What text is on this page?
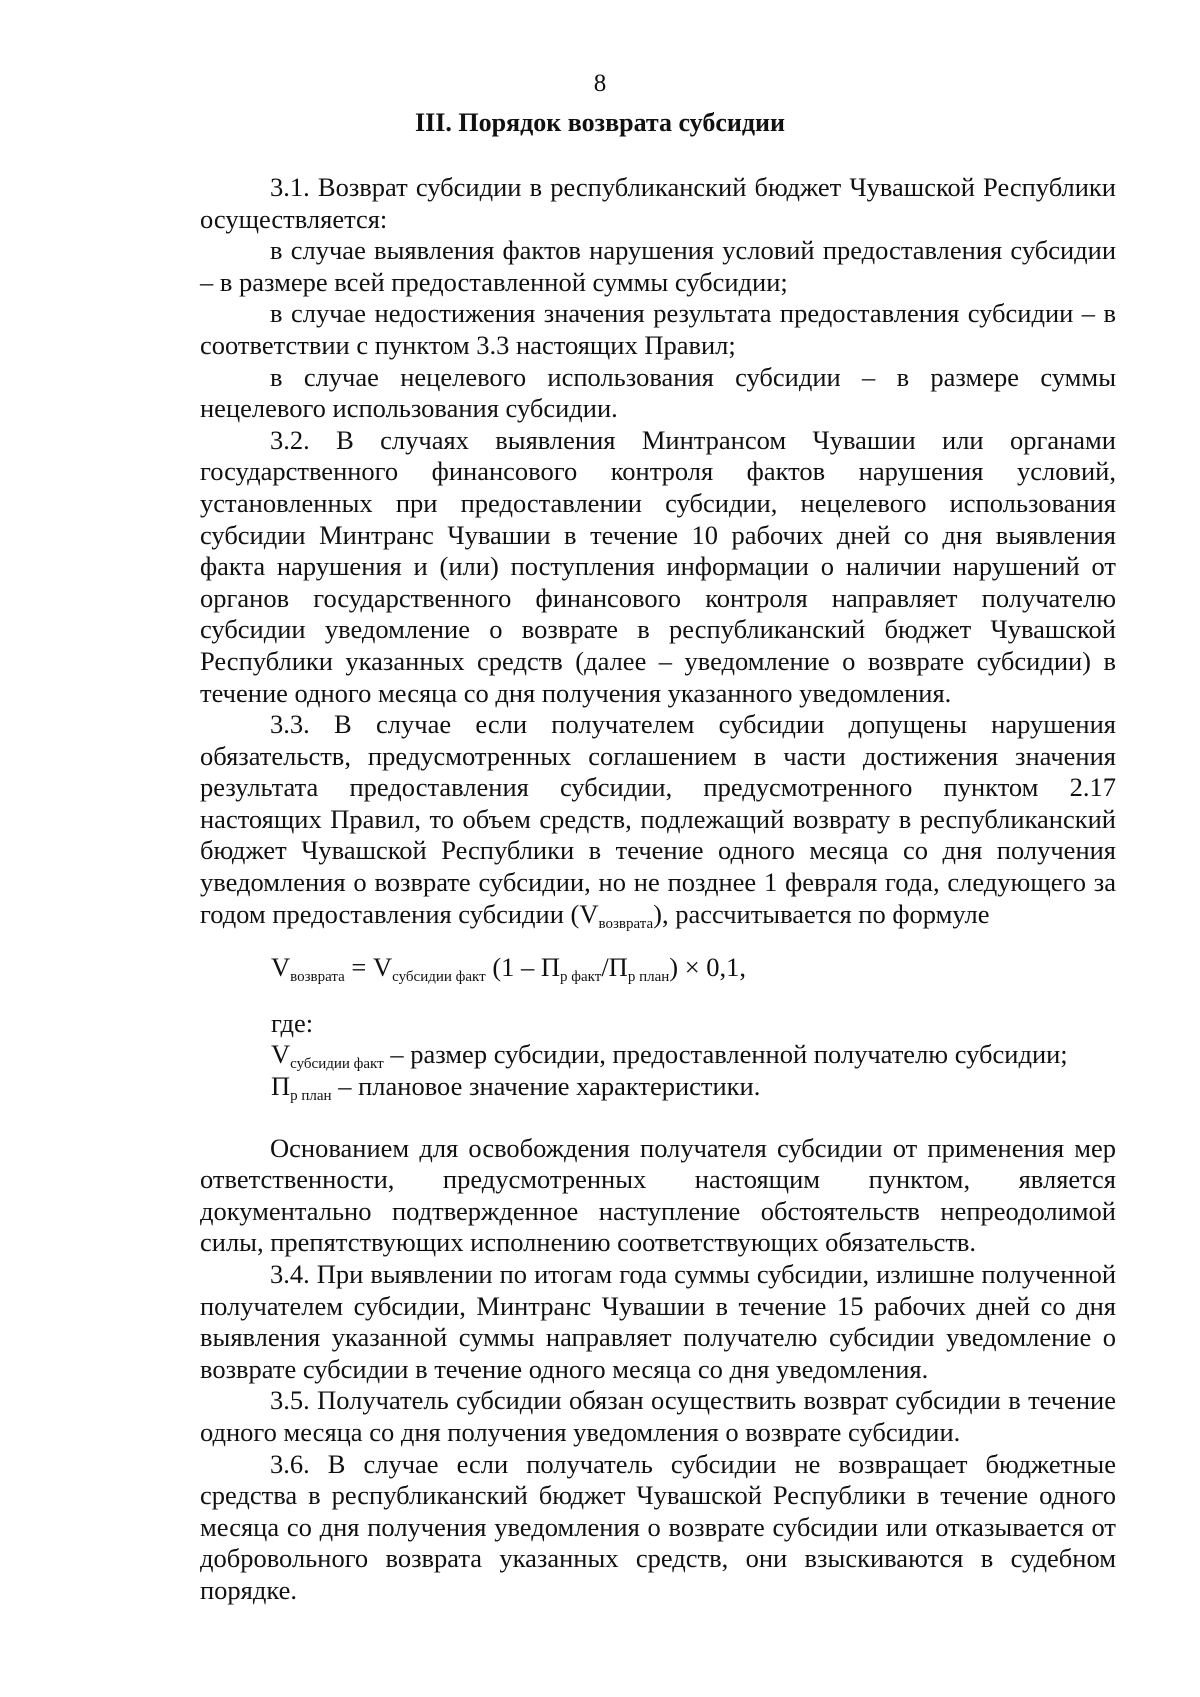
8
III. Порядок возврата субсидии

3.1. Возврат субсидии в республиканский бюджет Чувашской Республики осуществляется:

в случае выявления фактов нарушения условий предоставления субсидии – в размере всей предоставленной суммы субсидии;

в случае недостижения значения результата предоставления субсидии – в соответствии с пунктом 3.3 настоящих Правил;

в случае нецелевого использования субсидии – в размере суммы нецелевого использования субсидии.

3.2. В случаях выявления Минтрансом Чувашии или органами государственного финансового контроля фактов нарушения условий, установленных при предоставлении субсидии, нецелевого использования субсидии Минтранс Чувашии в течение 10 рабочих дней со дня выявления факта нарушения и (или) поступления информации о наличии нарушений от органов государственного финансового контроля направляет получателю субсидии уведомление о возврате в республиканский бюджет Чувашской Республики указанных средств (далее – уведомление о возврате субсидии) в течение одного месяца со дня получения указанного уведомления.

3.3. В случае если получателем субсидии допущены нарушения обязательств, предусмотренных соглашением в части достижения значения результата предоставления субсидии, предусмотренного пунктом 2.17 настоящих Правил, то объем средств, подлежащий возврату в республиканский бюджет Чувашской Республики в течение одного месяца со дня получения уведомления о возврате субсидии, но не позднее 1 февраля года, следующего за годом предоставления субсидии (Vвозврата), рассчитывается по формуле

$V_{возврата} = V_{субсидии факт}$ $(1 - П_{р факт}/П_{р план}) \times 0,1$,
где:
$V_{субсидии факт}$ – размер субсидии, предоставленной получателю субсидии;
$П_{р план}$ – плановое значение характеристики.

Основанием для освобождения получателя субсидии от применения мер ответственности, предусмотренных настоящим пунктом, является документально подтвержденное наступление обстоятельств непреодолимой силы, препятствующих исполнению соответствующих обязательств.

3.4. При выявлении по итогам года суммы субсидии, излишне полученной получателем субсидии, Минтранс Чувашии в течение 15 рабочих дней со дня выявления указанной суммы направляет получателю субсидии уведомление о возврате субсидии в течение одного месяца со дня уведомления.

3.5. Получатель субсидии обязан осуществить возврат субсидии в течение одного месяца со дня получения уведомления о возврате субсидии.

3.6. В случае если получатель субсидии не возвращает бюджетные средства в республиканский бюджет Чувашской Республики в течение одного месяца со дня получения уведомления о возврате субсидии или отказывается от добровольного возврата указанных средств, они взыскиваются в судебном порядке.
